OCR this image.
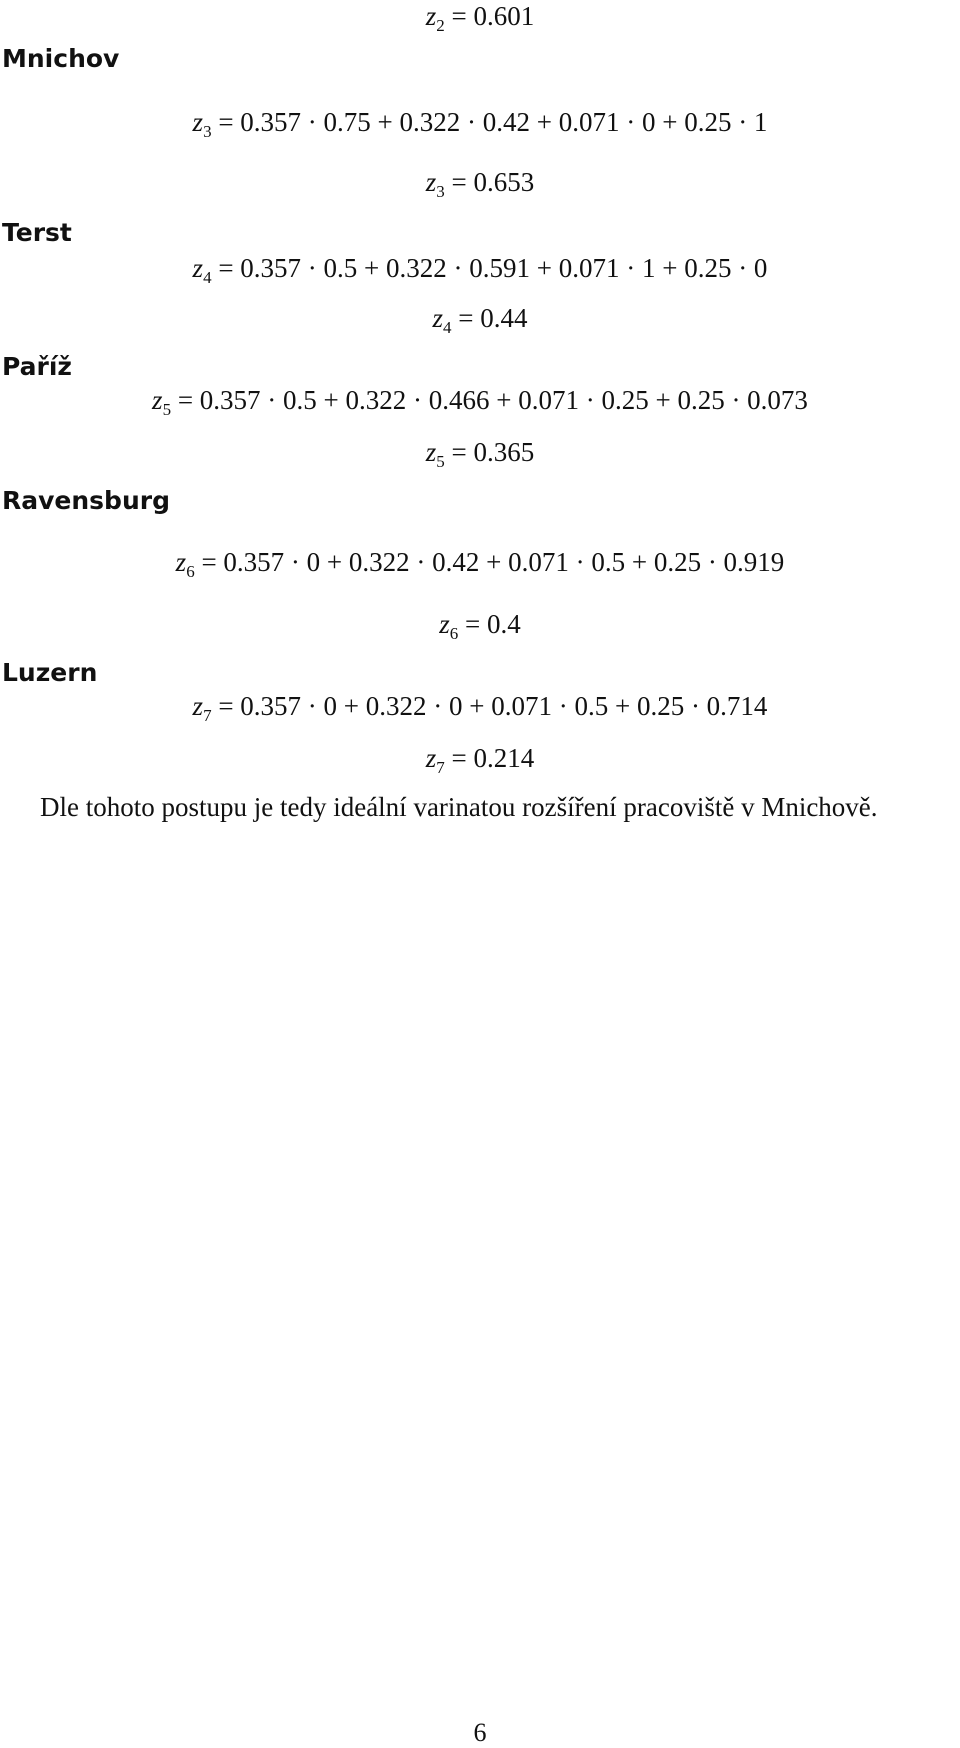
Mnichov
Terst
Paříž
Ravensburg
Luzern
$z_2 = 0.601$
$z_3 = 0.357 \cdot 0.75 + 0.322 \cdot 0.42 + 0.071 \cdot 0 + 0.25 \cdot 1$
$z_3 = 0.653$
$z_4 = 0.357 \cdot 0.5 + 0.322 \cdot 0.591 + 0.071 \cdot 1 + 0.25 \cdot 0$
$z_4 = 0.44$
$z_5 = 0.357 \cdot 0.5 + 0.322 \cdot 0.466 + 0.071 \cdot 0.25 + 0.25 \cdot 0.073$
$z_5 = 0.365$
$z_6 = 0.357 \cdot 0 + 0.322 \cdot 0.42 + 0.071 \cdot 0.5 + 0.25 \cdot 0.919$
$z_6 = 0.4$
$z_7 = 0.357 \cdot 0 + 0.322 \cdot 0 + 0.071 \cdot 0.5 + 0.25 \cdot 0.714$
$z_7 = 0.214$

Dle tohoto postupu je tedy ideální varinatou rozšíření pracoviště v Mnichově.

6
